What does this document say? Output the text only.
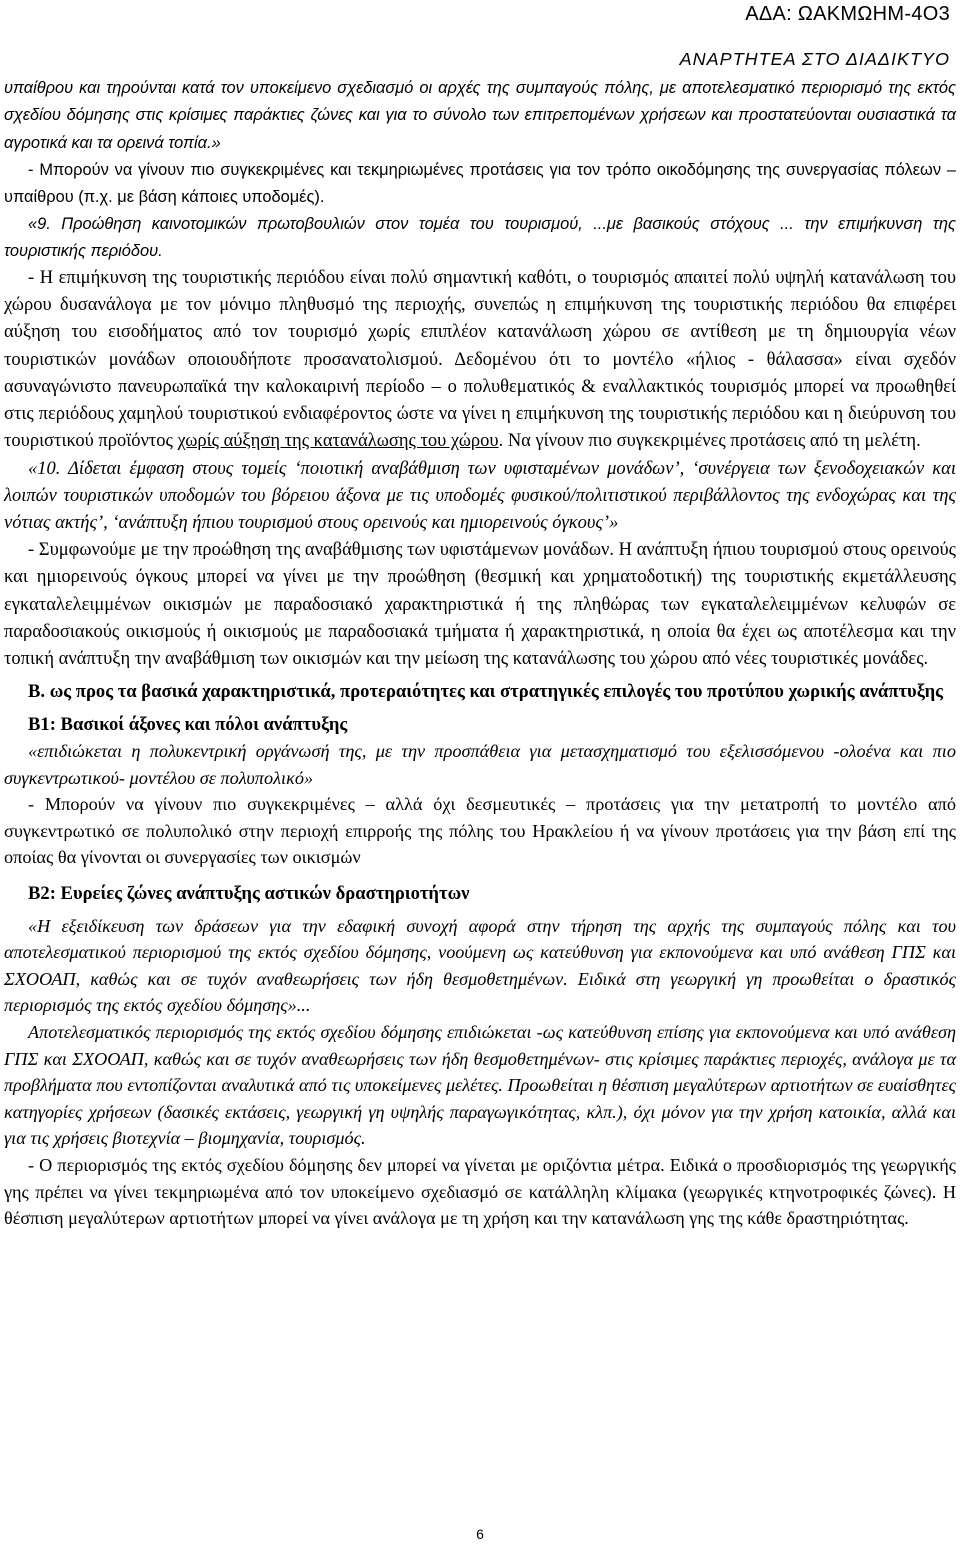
ΑΔΑ: ΩΑΚΜΩΗΜ-4Ο3
ΑΝΑΡΤΗΤΕΑ ΣΤΟ ΔΙΑΔΙΚΤΥΟ

υπαίθρου και τηρούνται κατά τον υποκείμενο σχεδιασμό οι αρχές της συμπαγούς πόλης, με αποτελεσματικό περιορισμό της εκτός σχεδίου δόμησης στις κρίσιμες παράκτιες ζώνες και για το σύνολο των επιτρεπομένων χρήσεων και προστατεύονται ουσιαστικά τα αγροτικά και τα ορεινά τοπία.»

- Μπορούν να γίνουν πιο συγκεκριμένες και τεκμηριωμένες προτάσεις για τον τρόπο οικοδόμησης της συνεργασίας πόλεων – υπαίθρου (π.χ. με βάση κάποιες υποδομές).

«9. Προώθηση καινοτομικών πρωτοβουλιών στον τομέα του τουρισμού, ...με βασικούς στόχους ... την επιμήκυνση της τουριστικής περιόδου.

- Η επιμήκυνση της τουριστικής περιόδου είναι πολύ σημαντική καθότι, ο τουρισμός απαιτεί πολύ υψηλή κατανάλωση του χώρου δυσανάλογα με τον μόνιμο πληθυσμό της περιοχής, συνεπώς η επιμήκυνση της τουριστικής περιόδου θα επιφέρει αύξηση του εισοδήματος από τον τουρισμό χωρίς επιπλέον κατανάλωση χώρου σε αντίθεση με τη δημιουργία νέων τουριστικών μονάδων οποιουδήποτε προσανατολισμού. Δεδομένου ότι το μοντέλο «ήλιος - θάλασσα» είναι σχεδόν ασυναγώνιστο πανευρωπαϊκά την καλοκαιρινή περίοδο – ο πολυθεματικός & εναλλακτικός τουρισμός μπορεί να προωθηθεί στις περιόδους χαμηλού τουριστικού ενδιαφέροντος ώστε να γίνει η επιμήκυνση της τουριστικής περιόδου και η διεύρυνση του τουριστικού προϊόντος χωρίς αύξηση της κατανάλωσης του χώρου. Να γίνουν πιο συγκεκριμένες προτάσεις από τη μελέτη.

«10. Δίδεται έμφαση στους τομείς ‘ποιοτική αναβάθμιση των υφισταμένων μονάδων’, ‘συνέργεια των ξενοδοχειακών και λοιπών τουριστικών υποδομών του βόρειου άξονα με τις υποδομές φυσικού/πολιτιστικού περιβάλλοντος της ενδοχώρας και της νότιας ακτής’, ‘ανάπτυξη ήπιου τουρισμού στους ορεινούς και ημιορεινούς όγκους’»

- Συμφωνούμε με την προώθηση της αναβάθμισης των υφιστάμενων μονάδων. Η ανάπτυξη ήπιου τουρισμού στους ορεινούς και ημιορεινούς όγκους μπορεί να γίνει με την προώθηση (θεσμική και χρηματοδοτική) της τουριστικής εκμετάλλευσης εγκαταλελειμμένων οικισμών με παραδοσιακό χαρακτηριστικά ή της πληθώρας των εγκαταλελειμμένων κελυφών σε παραδοσιακούς οικισμούς ή οικισμούς με παραδοσιακά τμήματα ή χαρακτηριστικά, η οποία θα έχει ως αποτέλεσμα και την τοπική ανάπτυξη την αναβάθμιση των οικισμών και την μείωση της κατανάλωσης του χώρου από νέες τουριστικές μονάδες.

Β. ως προς τα βασικά χαρακτηριστικά, προτεραιότητες και στρατηγικές επιλογές του προτύπου χωρικής ανάπτυξης

Β1: Βασικοί άξονες και πόλοι ανάπτυξης

«επιδιώκεται η πολυκεντρική οργάνωσή της, με την προσπάθεια για μετασχηματισμό του εξελισσόμενου -ολοένα και πιο συγκεντρωτικού- μοντέλου σε πολυπολικό»

- Μπορούν να γίνουν πιο συγκεκριμένες – αλλά όχι δεσμευτικές – προτάσεις για την μετατροπή το μοντέλο από συγκεντρωτικό σε πολυπολικό στην περιοχή επιρροής της πόλης του Ηρακλείου ή να γίνουν προτάσεις για την βάση επί της οποίας θα γίνονται οι συνεργασίες των οικισμών

Β2: Ευρείες ζώνες ανάπτυξης αστικών δραστηριοτήτων

«Η εξειδίκευση των δράσεων για την εδαφική συνοχή αφορά στην τήρηση της αρχής της συμπαγούς πόλης και του αποτελεσματικού περιορισμού της εκτός σχεδίου δόμησης, νοούμενη ως κατεύθυνση για εκπονούμενα και υπό ανάθεση ΓΠΣ και ΣΧΟΟΑΠ, καθώς και σε τυχόν αναθεωρήσεις των ήδη θεσμοθετημένων. Ειδικά στη γεωργική γη προωθείται ο δραστικός περιορισμός της εκτός σχεδίου δόμησης»...

Αποτελεσματικός περιορισμός της εκτός σχεδίου δόμησης επιδιώκεται -ως κατεύθυνση επίσης για εκπονούμενα και υπό ανάθεση ΓΠΣ και ΣΧΟΟΑΠ, καθώς και σε τυχόν αναθεωρήσεις των ήδη θεσμοθετημένων- στις κρίσιμες παράκτιες περιοχές, ανάλογα με τα προβλήματα που εντοπίζονται αναλυτικά από τις υποκείμενες μελέτες. Προωθείται η θέσπιση μεγαλύτερων αρτιοτήτων σε ευαίσθητες κατηγορίες χρήσεων (δασικές εκτάσεις, γεωργική γη υψηλής παραγωγικότητας, κλπ.), όχι μόνον για την χρήση κατοικία, αλλά και για τις χρήσεις βιοτεχνία – βιομηχανία, τουρισμός.

- Ο περιορισμός της εκτός σχεδίου δόμησης δεν μπορεί να γίνεται με οριζόντια μέτρα. Ειδικά ο προσδιορισμός της γεωργικής γης πρέπει να γίνει τεκμηριωμένα από τον υποκείμενο σχεδιασμό σε κατάλληλη κλίμακα (γεωργικές κτηνοτροφικές ζώνες). Η θέσπιση μεγαλύτερων αρτιοτήτων μπορεί να γίνει ανάλογα με τη χρήση και την κατανάλωση γης της κάθε δραστηριότητας.

6
